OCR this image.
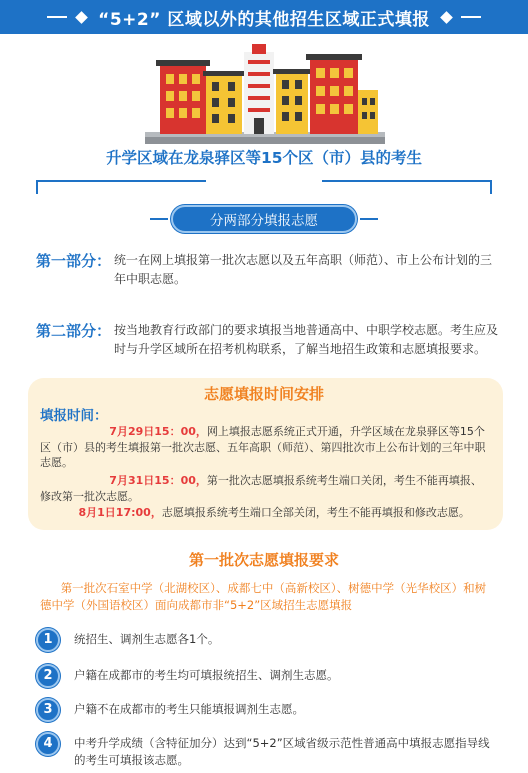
“5+2” 区域以外的其他招生区域正式填报
升学区域在龙泉驿区等15个区（市）县的考生
分两部分填报志愿
第一部分： 统一在网上填报第一批次志愿以及五年高职（师范）、市上公布计划的三年中职志愿。
第二部分： 按当地教育行政部门的要求填报当地普通高中、中职学校志愿。考生应及时与升学区域所在招考机构联系，了解当地招生政策和志愿填报要求。
志愿填报时间安排
填报时间：
7月29日15：00，网上填报志愿系统正式开通，升学区域在龙泉驿区等15个区（市）县的考生填报第一批次志愿、五年高职（师范）、第四批次市上公布计划的三年中职志愿。
7月31日15：00，第一批次志愿填报系统考生端口关闭，考生不能再填报、修改第一批次志愿。
8月1日17:00，志愿填报系统考生端口全部关闭，考生不能再填报和修改志愿。
第一批次志愿填报要求
第一批次石室中学（北湖校区）、成都七中（高新校区）、树德中学（光华校区）和树德中学（外国语校区）面向成都市非“5+2”区域招生志愿填报
1	统招生、调剂生志愿各1个。
2	户籍在成都市的考生均可填报统招生、调剂生志愿。
3	户籍不在成都市的考生只能填报调剂生志愿。
4	中考升学成绩（含特征加分）达到“5+2”区域省级示范性普通高中填报志愿指导线的考生可填报该志愿。
